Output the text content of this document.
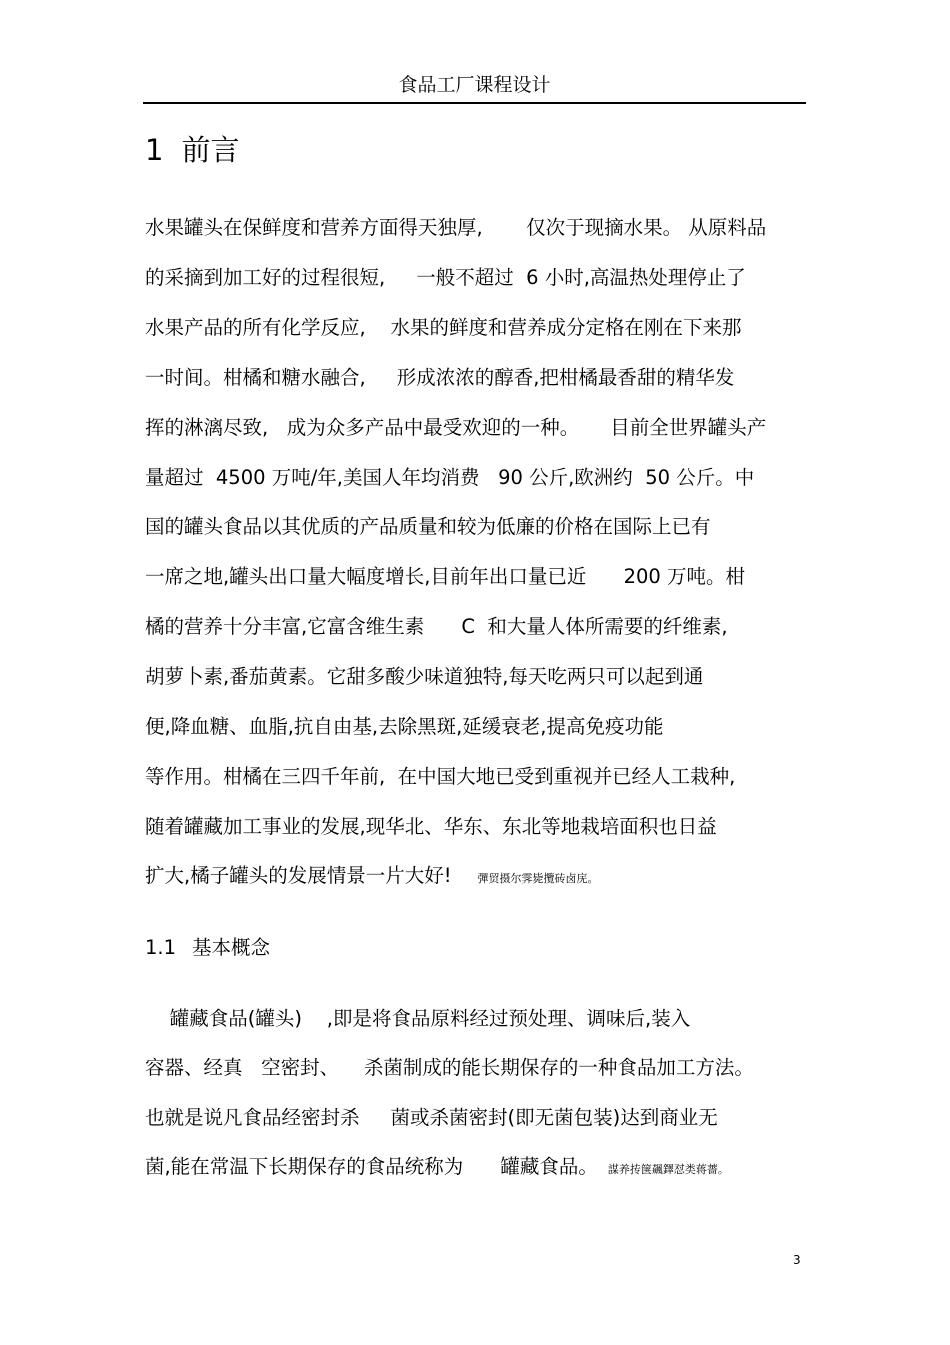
食品工厂课程设计
1 前言

水果罐头在保鲜度和营养方面得天独厚,       仅次于现摘水果。 从原料品

的采摘到加工好的过程很短,     一般不超过  6 小时,高温热处理停止了

水果产品的所有化学反应,    水果的鲜度和营养成分定格在刚在下来那

一时间。柑橘和糖水融合,     形成浓浓的醇香,把柑橘最香甜的精华发

挥的淋漓尽致,   成为众多产品中最受欢迎的一种。     目前全世界罐头产

量超过  4500 万吨/年,美国人年均消费   90 公斤,欧洲约  50 公斤。中

国的罐头食品以其优质的产品质量和较为低廉的价格在国际上已有

一席之地,罐头出口量大幅度增长,目前年出口量已近      200 万吨。柑

橘的营养十分丰富,它富含维生素      C  和大量人体所需要的纤维素,

胡萝卜素,番茄黄素。它甜多酸少味道独特,每天吃两只可以起到通

便,降血糖、血脂,抗自由基,去除黑斑,延缓衰老,提高免疫功能

等作用。柑橘在三四千年前,  在中国大地已受到重视并已经人工栽种,

随着罐藏加工事业的发展,现华北、华东、东北等地栽培面积也日益

扩大,橘子罐头的发展情景一片大好! 彈贸摄尔霁毙攬砖卤庑。

1.1 基本概念

罐藏食品(罐头)    ,即是将食品原料经过预处理、调味后,装入

容器、经真   空密封、    杀菌制成的能长期保存的一种食品加工方法。

也就是说凡食品经密封杀     菌或杀菌密封(即无菌包装)达到商业无

菌,能在常温下长期保存的食品统称为      罐藏食品。 謀养抟箧飆鐸怼类蒋薔。

3
